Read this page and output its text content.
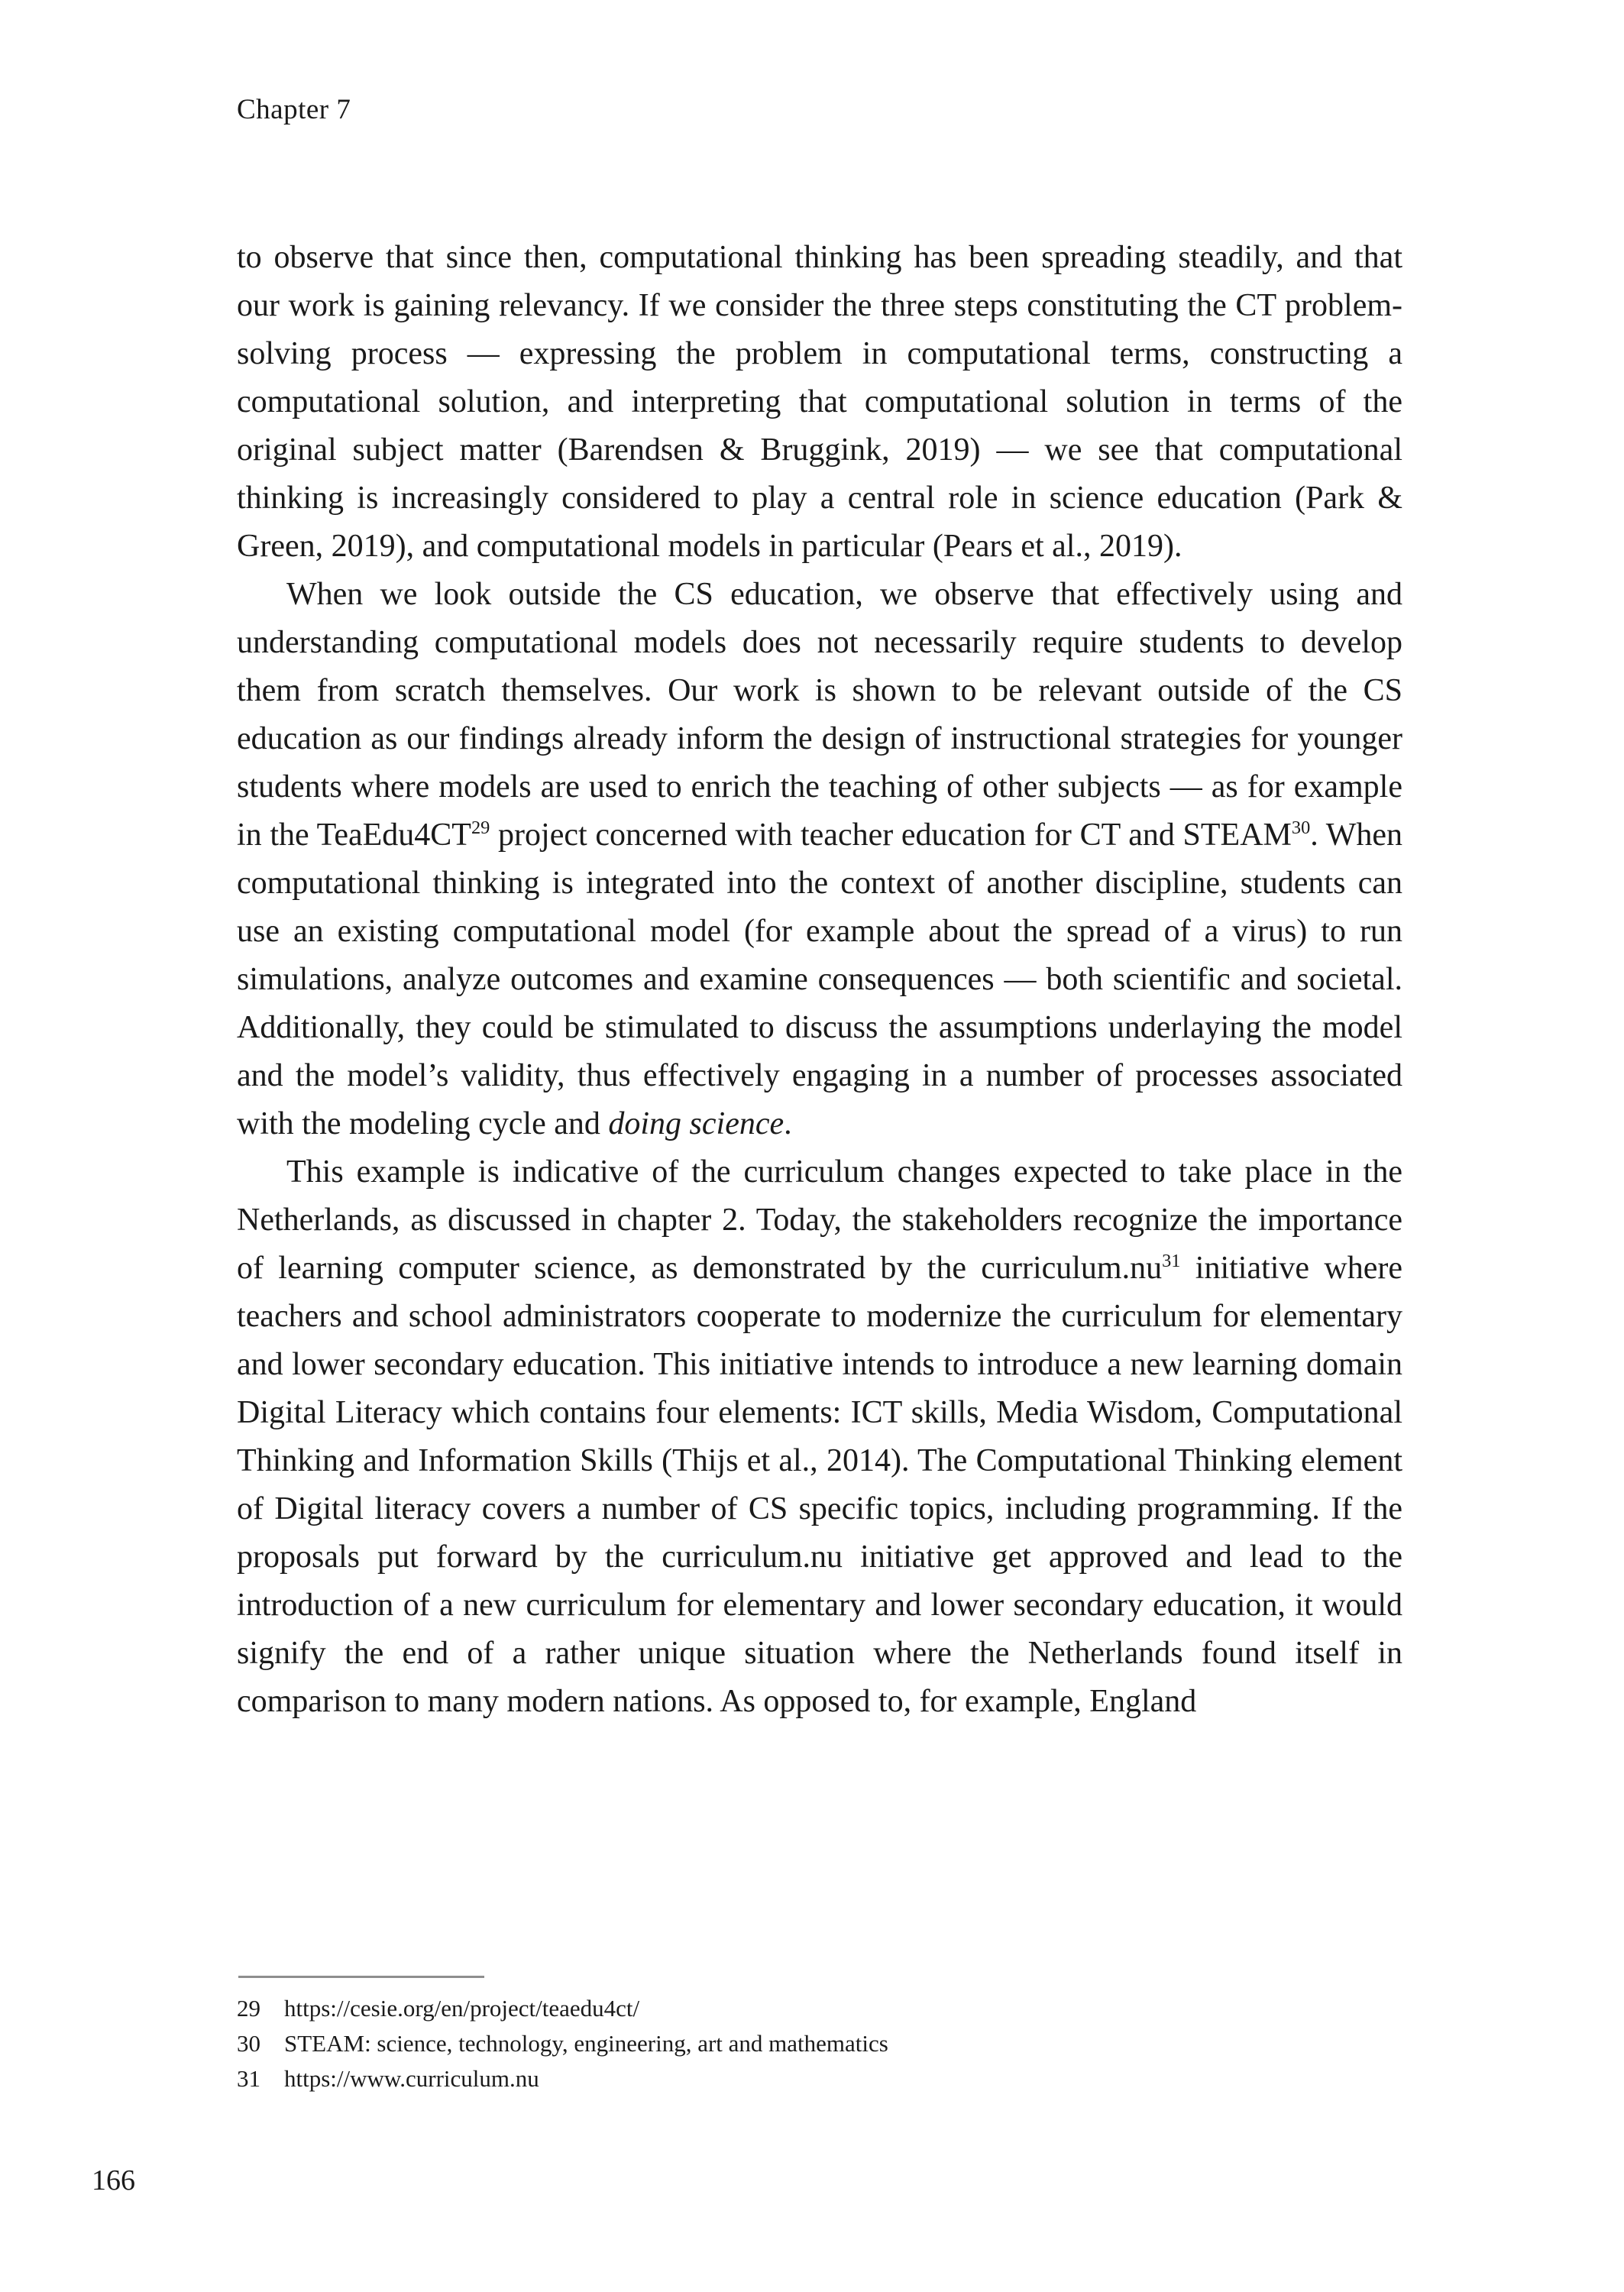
Chapter 7

to observe that since then, computational thinking has been spreading steadily, and that our work is gaining relevancy. If we consider the three steps constituting the CT problem-solving process — expressing the problem in computational terms, constructing a computational solution, and interpreting that computational solution in terms of the original subject matter (Barendsen & Bruggink, 2019) — we see that computational thinking is increasingly considered to play a central role in science education (Park & Green, 2019), and computational models in particular (Pears et al., 2019).

When we look outside the CS education, we observe that effectively using and understanding computational models does not necessarily require students to develop them from scratch themselves. Our work is shown to be relevant outside of the CS education as our findings already inform the design of instructional strategies for younger students where models are used to enrich the teaching of other subjects — as for example in the TeaEdu4CT$^{29}$ project concerned with teacher education for CT and STEAM$^{30}$. When computational thinking is integrated into the context of another discipline, students can use an existing computational model (for example about the spread of a virus) to run simulations, analyze outcomes and examine consequences — both scientific and societal. Additionally, they could be stimulated to discuss the assumptions underlaying the model and the model’s validity, thus effectively engaging in a number of processes associated with the modeling cycle and doing science.

This example is indicative of the curriculum changes expected to take place in the Netherlands, as discussed in chapter 2. Today, the stakeholders recognize the importance of learning computer science, as demonstrated by the $curriculum.nu^{31}$ initiative where teachers and school administrators cooperate to modernize the curriculum for elementary and lower secondary education. This initiative intends to introduce a new learning domain Digital Literacy which contains four elements: ICT skills, Media Wisdom, Computational Thinking and Information Skills (Thijs et al., 2014). The Computational Thinking element of Digital literacy covers a number of CS specific topics, including programming. If the proposals put forward by the curriculum.nu initiative get approved and lead to the introduction of a new curriculum for elementary and lower secondary education, it would signify the end of a rather unique situation where the Netherlands found itself in comparison to many modern nations. As opposed to, for example, England

29	https://cesie.org/en/project/teaedu4ct/
30	STEAM: science, technology, engineering, art and mathematics
31	https://www.curriculum.nu
166
